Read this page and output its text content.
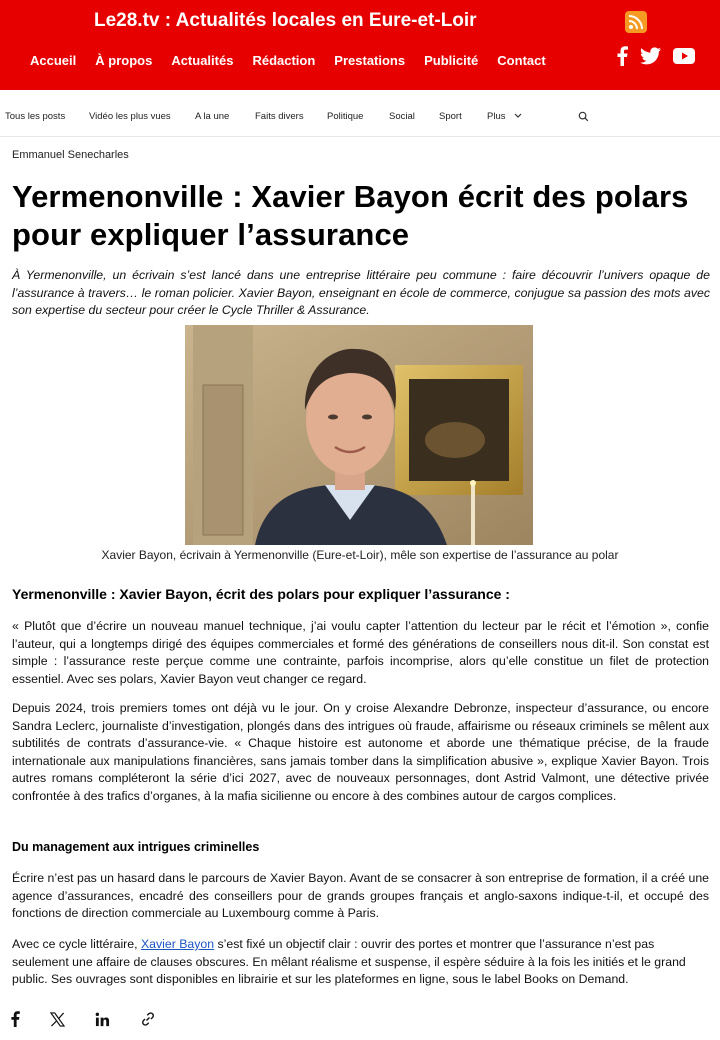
Le28.tv : Actualités locales en Eure-et-Loir
Accueil À propos Actualités Rédaction Prestations Publicité Contact
Tous les posts	Vidéo les plus vues	A la une	Faits divers Politique	Social	Sport	Plus
Emmanuel Senecharles
Yermenonville : Xavier Bayon écrit des polars pour expliquer l’assurance

À Yermenonville, un écrivain s’est lancé dans une entreprise littéraire peu commune : faire découvrir l’univers opaque de l’assurance à travers… le roman policier. Xavier Bayon, enseignant en école de commerce, conjugue sa passion des mots avec son expertise du secteur pour créer le Cycle Thriller & Assurance.

Xavier Bayon, écrivain à Yermenonville (Eure-et-Loir), mêle son expertise de l’assurance au polar
Yermenonville : Xavier Bayon, écrit des polars pour expliquer l’assurance :

« Plutôt que d’écrire un nouveau manuel technique, j’ai voulu capter l’attention du lecteur par le récit et l’émotion », confie l’auteur, qui a longtemps dirigé des équipes commerciales et formé des générations de conseillers nous dit-il. Son constat est simple : l’assurance reste perçue comme une contrainte, parfois incomprise, alors qu’elle constitue un filet de protection essentiel. Avec ses polars, Xavier Bayon veut changer ce regard.

Depuis 2024, trois premiers tomes ont déjà vu le jour. On y croise Alexandre Debronze, inspecteur d’assurance, ou encore Sandra Leclerc, journaliste d’investigation, plongés dans des intrigues où fraude, affairisme ou réseaux criminels se mêlent aux subtilités de contrats d’assurance-vie. « Chaque histoire est autonome et aborde une thématique précise, de la fraude internationale aux manipulations financières, sans jamais tomber dans la simplification abusive », explique Xavier Bayon. Trois autres romans compléteront la série d’ici 2027, avec de nouveaux personnages, dont Astrid Valmont, une détective privée confrontée à des trafics d’organes, à la mafia sicilienne ou encore à des combines autour de cargos complices.

Du management aux intrigues criminelles

Écrire n’est pas un hasard dans le parcours de Xavier Bayon. Avant de se consacrer à son entreprise de formation, il a créé une agence d’assurances, encadré des conseillers pour de grands groupes français et anglo-saxons indique-t-il, et occupé des fonctions de direction commerciale au Luxembourg comme à Paris.

Avec ce cycle littéraire, Xavier Bayon s’est fixé un objectif clair : ouvrir des portes et montrer que l’assurance n’est pas seulement une affaire de clauses obscures. En mêlant réalisme et suspense, il espère séduire à la fois les initiés et le grand public. Ses ouvrages sont disponibles en librairie et sur les plateformes en ligne, sous le label Books on Demand.
